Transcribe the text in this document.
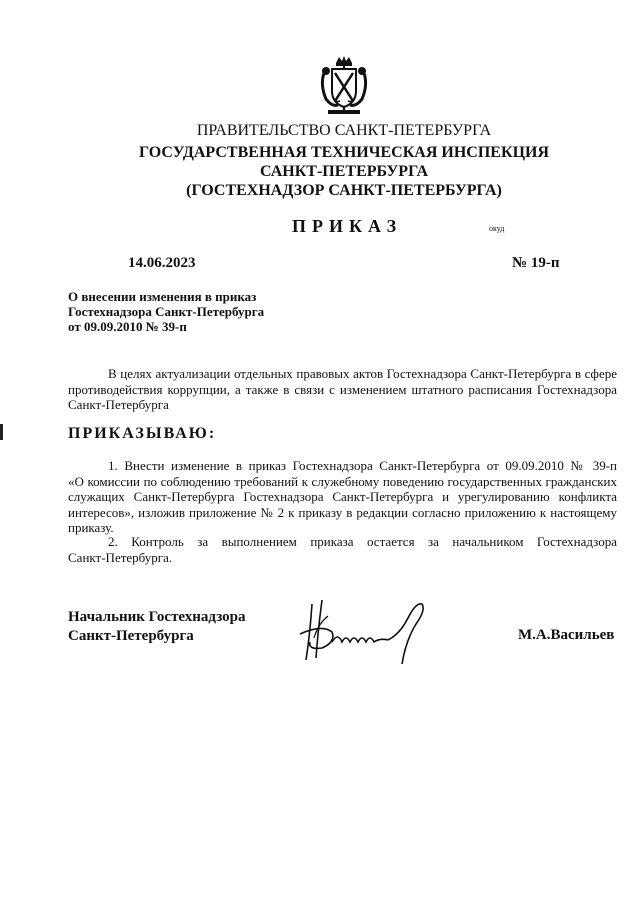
ПРАВИТЕЛЬСТВО САНКТ-ПЕТЕРБУРГА
ГОСУДАРСТВЕННАЯ ТЕХНИЧЕСКАЯ ИНСПЕКЦИЯ
САНКТ-ПЕТЕРБУРГА
(ГОСТЕХНАДЗОР САНКТ-ПЕТЕРБУРГА)
ПРИКАЗ	окуд
14.06.2023	№ 19-п
О внесении изменения в приказ
Гостехнадзора Санкт-Петербурга
от 09.09.2010 № 39-п
В целях актуализации отдельных правовых актов Гостехнадзора Санкт-Петербурга в сфере
противодействия коррупции, а также в связи с изменением штатного расписания Гостехнадзора
Санкт-Петербурга
ПРИКАЗЫВАЮ:
1. Внести изменение в приказ Гостехнадзора Санкт-Петербурга от 09.09.2010 № 39-п
«О комиссии по соблюдению требований к служебному поведению государственных гражданских
служащих Санкт-Петербурга Гостехнадзора Санкт-Петербурга и урегулированию конфликта
интересов», изложив приложение № 2 к приказу в редакции согласно приложению к настоящему
приказу.
2. Контроль за выполнением приказа остается за начальником Гостехнадзора
Санкт-Петербурга.
Начальник Гостехнадзора
Санкт-Петербурга	М.А.Васильев
